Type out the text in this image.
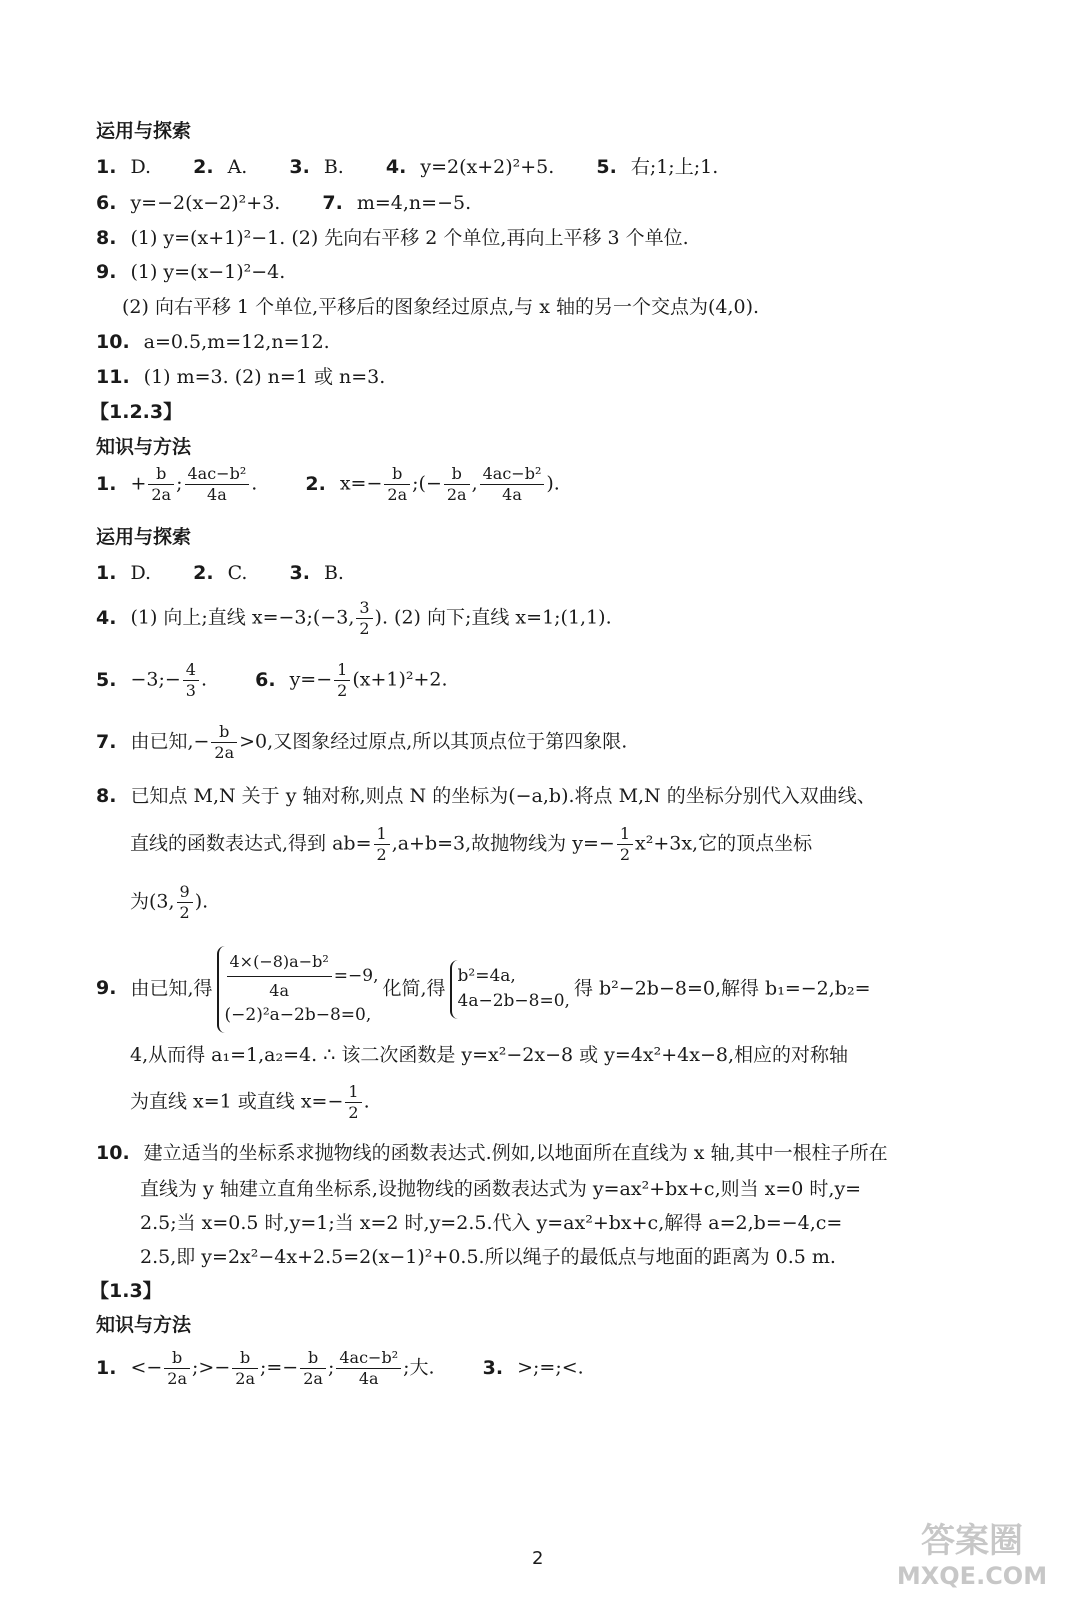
运用与探索
1. D. 2. A. 3. B. 4. y=2(x+2)²+5. 5. 右;1;上;1.
6. y=−2(x−2)²+3. 7. m=4,n=−5.
8. (1) y=(x+1)²−1. (2) 先向右平移 2 个单位,再向上平移 3 个单位.
9. (1) y=(x−1)²−4.
(2) 向右平移 1 个单位,平移后的图象经过原点,与 x 轴的另一个交点为(4,0).
10. a=0.5,m=12,n=12.
11. (1) m=3. (2) n=1 或 n=3.
【1.2.3】
知识与方法
1. + $\frac{b}{2a}$ ; $\frac{\text{4ac−b²}}{4a}$ .	2. $x=- \frac{b}{2a}$ ;(− $\frac{b}{2a}$ , $\frac{\text{4ac−b²}}{4a}$ ).
运用与探索
1. D. 2. C. 3. B.
4. (1) 向上;直线 x=−3;(−3, $\frac{3}{2}$ ). (2) 向下;直线 x=1;(1,1).
5. −3;− $\frac{4}{3}$ .	6. $y=- \frac{1}{2} (x+1)^2+2$.
7. 由已知,− $\frac{b}{2a} >0$,又图象经过原点,所以其顶点位于第四象限.
8. 已知点 M,N 关于 y 轴对称,则点 N 的坐标为(−a,b).将点 M,N 的坐标分别代入双曲线、
直线的函数表达式,得到 $ab= \frac{1}{2} ,a+b=3$,故抛物线为 $y=- \frac{1}{2} x^2+3x$,它的顶点坐标
为(3, $\frac{9}{2}$ ).
9. 由已知,得 $\frac{\text{4×(−8)a−b²}}{4a} =-9$,
(−2)²a−2b−8=0,
化简,得
b²=4a,
4a−2b−8=0,
得 b²−2b−8=0,解得 b₁=−2,b₂=
4,从而得 a₁=1,a₂=4. ∴ 该二次函数是 y=x²−2x−8 或 y=4x²+4x−8,相应的对称轴
为直线 x=1 或直线 $x=- \frac{1}{2}$ .
10. 建立适当的坐标系求抛物线的函数表达式.例如,以地面所在直线为 x 轴,其中一根柱子所在
直线为 y 轴建立直角坐标系,设抛物线的函数表达式为 y=ax²+bx+c,则当 x=0 时,y=
2.5;当 x=0.5 时,y=1;当 x=2 时,y=2.5.代入 y=ax²+bx+c,解得 a=2,b=−4,c=
2.5,即 y=2x²−4x+2.5=2(x−1)²+0.5.所以绳子的最低点与地面的距离为 0.5 m.
【1.3】
知识与方法
1. <− $\frac{b}{2a}$ ;>− $\frac{b}{2a}$ ;=− $\frac{b}{2a}$ ; $\frac{\text{4ac−b²}}{4a}$ ;大.	3. >;=;<.
2	答案圈
MXQE.COM
